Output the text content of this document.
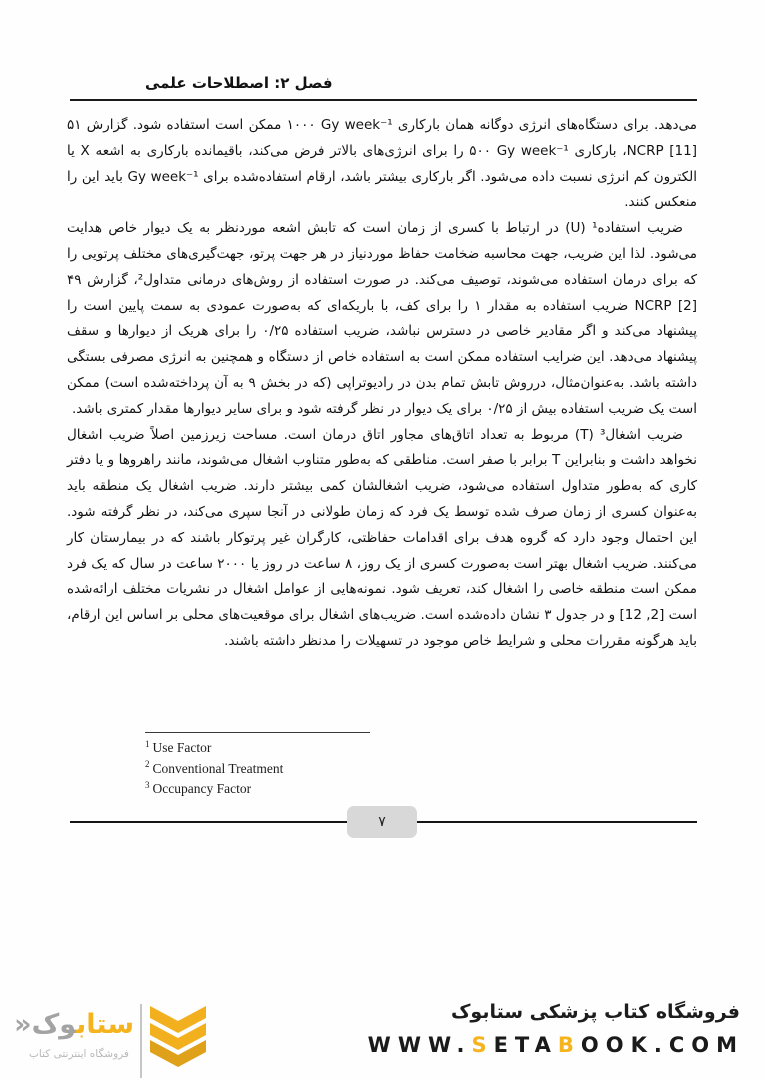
فصل ۲: اصطلاحات علمی

می‌دهد. برای دستگاه‌های انرژی دوگانه همان بارکاری Gy week⁻¹ ‏۱۰۰۰ ممکن است استفاده شود. گزارش ۵۱ NCRP [11]، بارکاری Gy week⁻¹ ‏۵۰۰ را برای انرژی‌های بالاتر فرض می‌کند، باقیمانده بارکاری به اشعه X یا الکترون کم انرژی نسبت داده می‌شود. اگر بارکاری بیشتر باشد، ارقام استفاده‌شده برای Gy week⁻¹ باید این را منعکس کنند.

ضریب استفاده¹ (U) در ارتباط با کسری از زمان است که تابش اشعه موردنظر به یک دیوار خاص هدایت می‌شود. لذا این ضریب، جهت محاسبه ضخامت حفاظ موردنیاز در هر جهت پرتو، جهت‌گیری‌های مختلف پرتویی را که برای درمان استفاده می‌شوند، توصیف می‌کند. در صورت استفاده از روش‌های درمانی متداول²، گزارش ۴۹ NCRP [2] ضریب استفاده به مقدار ۱ را برای کف، با باریکه‌ای که به‌صورت عمودی به سمت پایین است را پیشنهاد می‌کند و اگر مقادیر خاصی در دسترس نباشد، ضریب استفاده ۰/۲۵ را برای هریک از دیوارها و سقف پیشنهاد می‌دهد. این ضرایب استفاده ممکن است به استفاده خاص از دستگاه و همچنین به انرژی مصرفی بستگی داشته باشد. به‌عنوان‌مثال، درروش تابش تمام بدن در رادیوتراپی (که در بخش ۹ به آن پرداخته‌شده است) ممکن است یک ضریب استفاده بیش از ۰/۲۵ برای یک دیوار در نظر گرفته شود و برای سایر دیوارها مقدار کمتری باشد.

ضریب اشغال³ (T) مربوط به تعداد اتاق‌های مجاور اتاق درمان است. مساحت زیرزمین اصلاً ضریب اشغال نخواهد داشت و بنابراین T برابر با صفر است. مناطقی که به‌طور متناوب اشغال می‌شوند، مانند راهروها و یا دفتر کاری که به‌طور متداول استفاده می‌شود، ضریب اشغالشان کمی بیشتر دارند. ضریب اشغال یک منطقه باید به‌عنوان کسری از زمان صرف شده توسط یک فرد که زمان طولانی در آنجا سپری می‌کند، در نظر گرفته شود. این احتمال وجود دارد که گروه هدف برای اقدامات حفاظتی، کارگران غیر پرتوکار باشند که در بیمارستان کار می‌کنند. ضریب اشغال بهتر است به‌صورت کسری از یک روز، ۸ ساعت در روز یا ۲۰۰۰ ساعت در سال که یک فرد ممکن است منطقه خاصی را اشغال کند، تعریف شود. نمونه‌هایی از عوامل اشغال در نشریات مختلف ارائه‌شده است [2, 12] و در جدول ۳ نشان داده‌شده است. ضریب‌های اشغال برای موقعیت‌های محلی بر اساس این ارقام، باید هرگونه مقررات محلی و شرایط خاص موجود در تسهیلات را مدنظر داشته باشند.

$^1$ Use Factor
$^2$ Conventional Treatment
$^3$ Occupancy Factor
۷
فروشگاه کتاب پزشکی ستابوک
WWW.SETABOOK.COM
ستابوک«
فروشگاه اینترنتی کتاب
